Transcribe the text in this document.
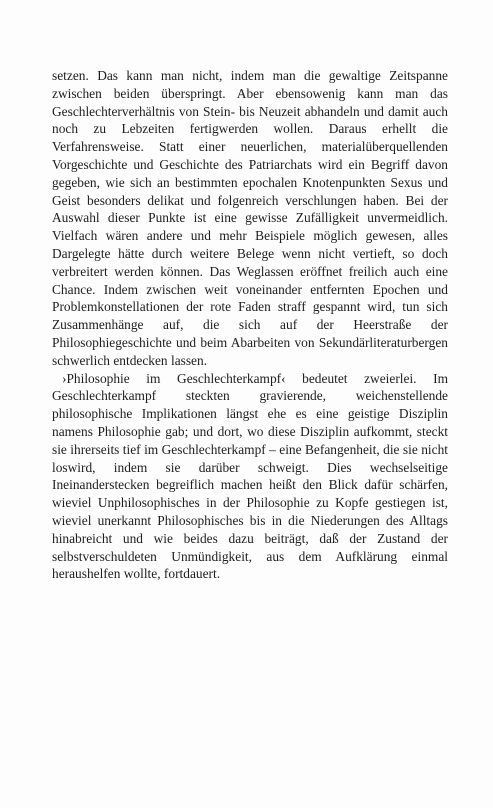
setzen. Das kann man nicht, indem man die gewaltige Zeitspanne zwischen beiden überspringt. Aber ebensowenig kann man das Geschlechterverhältnis von Stein- bis Neuzeit abhandeln und damit auch noch zu Lebzeiten fertigwerden wollen. Daraus erhellt die Verfahrensweise. Statt einer neuerlichen, materialüberquellenden Vorgeschichte und Geschichte des Patriarchats wird ein Begriff davon gegeben, wie sich an bestimmten epochalen Knotenpunkten Sexus und Geist besonders delikat und folgenreich verschlungen haben. Bei der Auswahl dieser Punkte ist eine gewisse Zufälligkeit unvermeidlich. Vielfach wären andere und mehr Beispiele möglich gewesen, alles Dargelegte hätte durch weitere Belege wenn nicht vertieft, so doch verbreitert werden können. Das Weglassen eröffnet freilich auch eine Chance. Indem zwischen weit voneinander entfernten Epochen und Problemkonstellationen der rote Faden straff gespannt wird, tun sich Zusammenhänge auf, die sich auf der Heerstraße der Philosophiegeschichte und beim Abarbeiten von Sekundärliteraturbergen schwerlich entdecken lassen.

›Philosophie im Geschlechterkampf‹ bedeutet zweierlei. Im Geschlechterkampf steckten gravierende, weichenstellende philosophische Implikationen längst ehe es eine geistige Disziplin namens Philosophie gab; und dort, wo diese Disziplin aufkommt, steckt sie ihrerseits tief im Geschlechterkampf – eine Befangenheit, die sie nicht loswird, indem sie darüber schweigt. Dies wechselseitige Ineinanderstecken begreiflich machen heißt den Blick dafür schärfen, wieviel Unphilosophisches in der Philosophie zu Kopfe gestiegen ist, wieviel unerkannt Philosophisches bis in die Niederungen des Alltags hinabreicht und wie beides dazu beiträgt, daß der Zustand der selbstverschuldeten Unmündigkeit, aus dem Aufklärung einmal heraushelfen wollte, fortdauert.
